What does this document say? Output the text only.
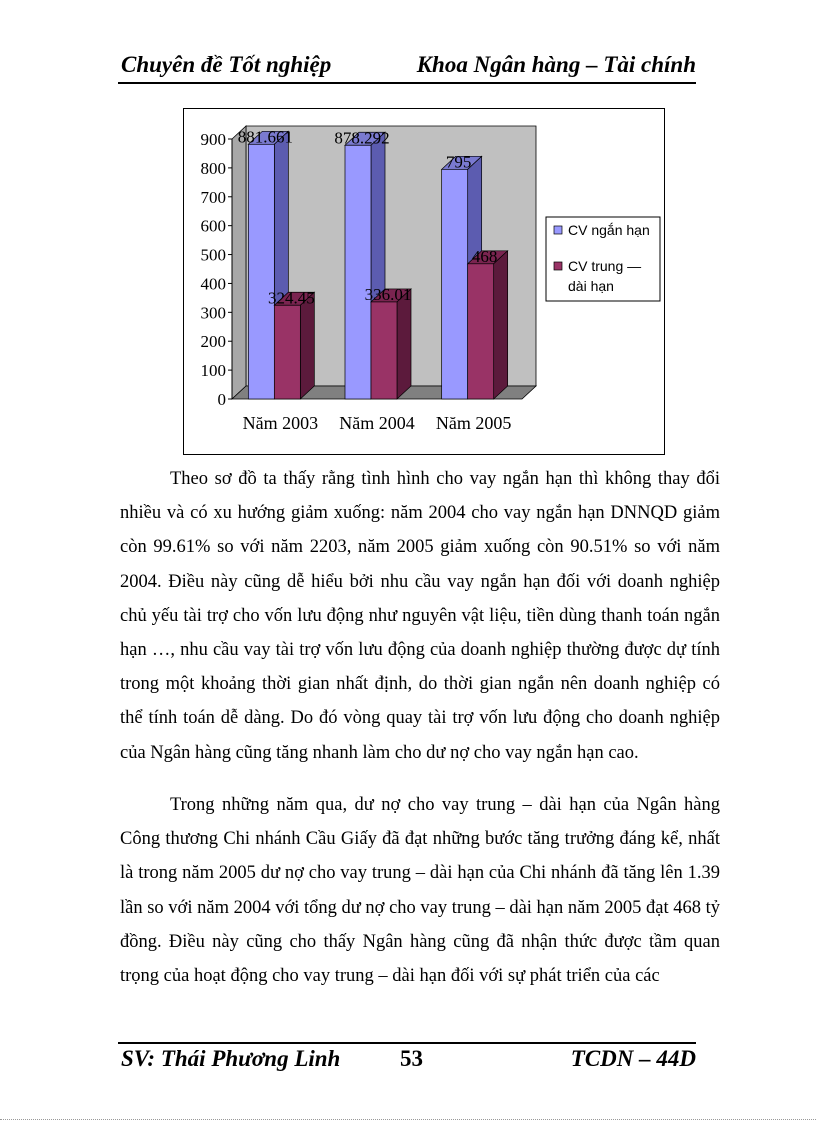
Chuyên đề Tốt nghiệp	Khoa Ngân hàng – Tài chính
0
100
200
300
400
500
600
700
800
900 881.661
324.45
Năm 2003
878.292
336.01
Năm 2004
795
468
Năm 2005
CV ngắn hạn
CV trung —
dài hạn

Theo sơ đồ ta thấy rằng tình hình cho vay ngắn hạn thì không thay đổi nhiều và có xu hướng giảm xuống: năm 2004 cho vay ngắn hạn DNNQD giảm còn 99.61% so với năm 2203, năm 2005 giảm xuống còn 90.51% so với năm 2004. Điều này cũng dễ hiểu bởi nhu cầu vay ngắn hạn đối với doanh nghiệp chủ yếu tài trợ cho vốn lưu động như nguyên vật liệu, tiền dùng thanh toán ngắn hạn …, nhu cầu vay tài trợ vốn lưu động của doanh nghiệp thường được dự tính trong một khoảng thời gian nhất định, do thời gian ngắn nên doanh nghiệp có thể tính toán dễ dàng. Do đó vòng quay tài trợ vốn lưu động cho doanh nghiệp của Ngân hàng cũng tăng nhanh làm cho dư nợ cho vay ngắn hạn cao.

Trong những năm qua, dư nợ cho vay trung – dài hạn của Ngân hàng Công thương Chi nhánh Cầu Giấy đã đạt những bước tăng trưởng đáng kể, nhất là trong năm 2005 dư nợ cho vay trung – dài hạn của Chi nhánh đã tăng lên 1.39 lần so với năm 2004 với tổng dư nợ cho vay trung – dài hạn năm 2005 đạt 468 tỷ đồng. Điều này cũng cho thấy Ngân hàng cũng đã nhận thức được tầm quan trọng của hoạt động cho vay trung – dài hạn đối với sự phát triển của các

SV: Thái Phương Linh	53	TCDN – 44D
